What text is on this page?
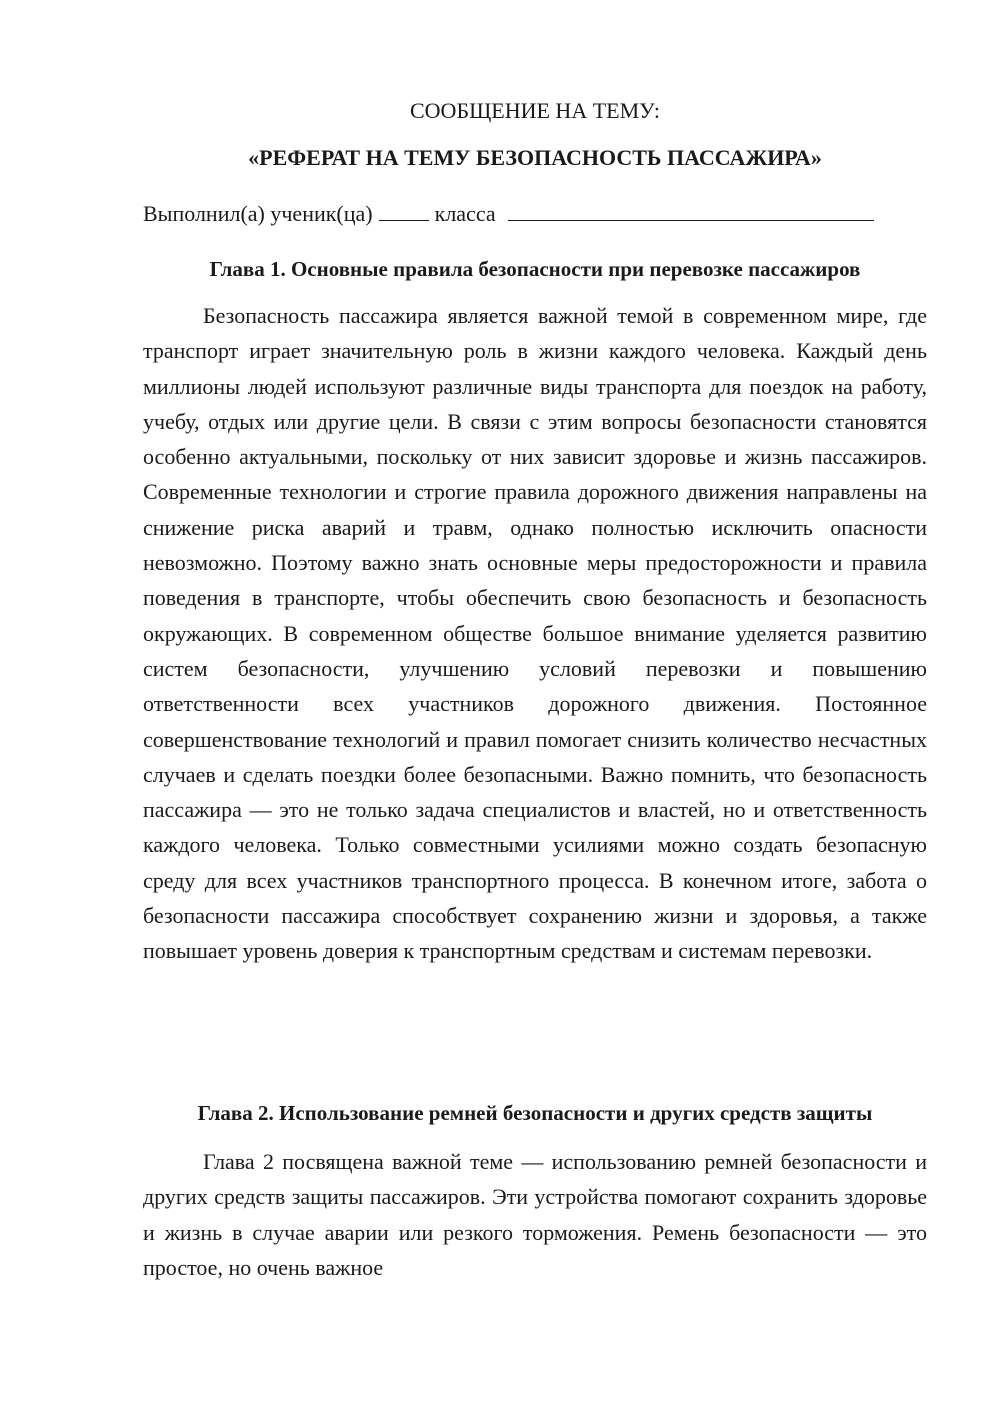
СООБЩЕНИЕ НА ТЕМУ:
«РЕФЕРАТ НА ТЕМУ БЕЗОПАСНОСТЬ ПАССАЖИРА»
Выполнил(а) ученик(ца)	класса
Глава 1. Основные правила безопасности при перевозке пассажиров

Безопасность пассажира является важной темой в современном мире, где транспорт играет значительную роль в жизни каждого человека. Каждый день миллионы людей используют различные виды транспорта для поездок на работу, учебу, отдых или другие цели. В связи с этим вопросы безопасности становятся особенно актуальными, поскольку от них зависит здоровье и жизнь пассажиров. Современные технологии и строгие правила дорожного движения направлены на снижение риска аварий и травм, однако полностью исключить опасности невозможно. Поэтому важно знать основные меры предосторожности и правила поведения в транспорте, чтобы обеспечить свою безопасность и безопасность окружающих. В современном обществе большое внимание уделяется развитию систем безопасности, улучшению условий перевозки и повышению ответственности всех участников дорожного движения. Постоянное совершенствование технологий и правил помогает снизить количество несчастных случаев и сделать поездки более безопасными. Важно помнить, что безопасность пассажира — это не только задача специалистов и властей, но и ответственность каждого человека. Только совместными усилиями можно создать безопасную среду для всех участников транспортного процесса. В конечном итоге, забота о безопасности пассажира способствует сохранению жизни и здоровья, а также повышает уровень доверия к транспортным средствам и системам перевозки.

Глава 2. Использование ремней безопасности и других средств защиты

Глава 2 посвящена важной теме — использованию ремней безопасности и других средств защиты пассажиров. Эти устройства помогают сохранить здоровье и жизнь в случае аварии или резкого торможения. Ремень безопасности — это простое, но очень важное
